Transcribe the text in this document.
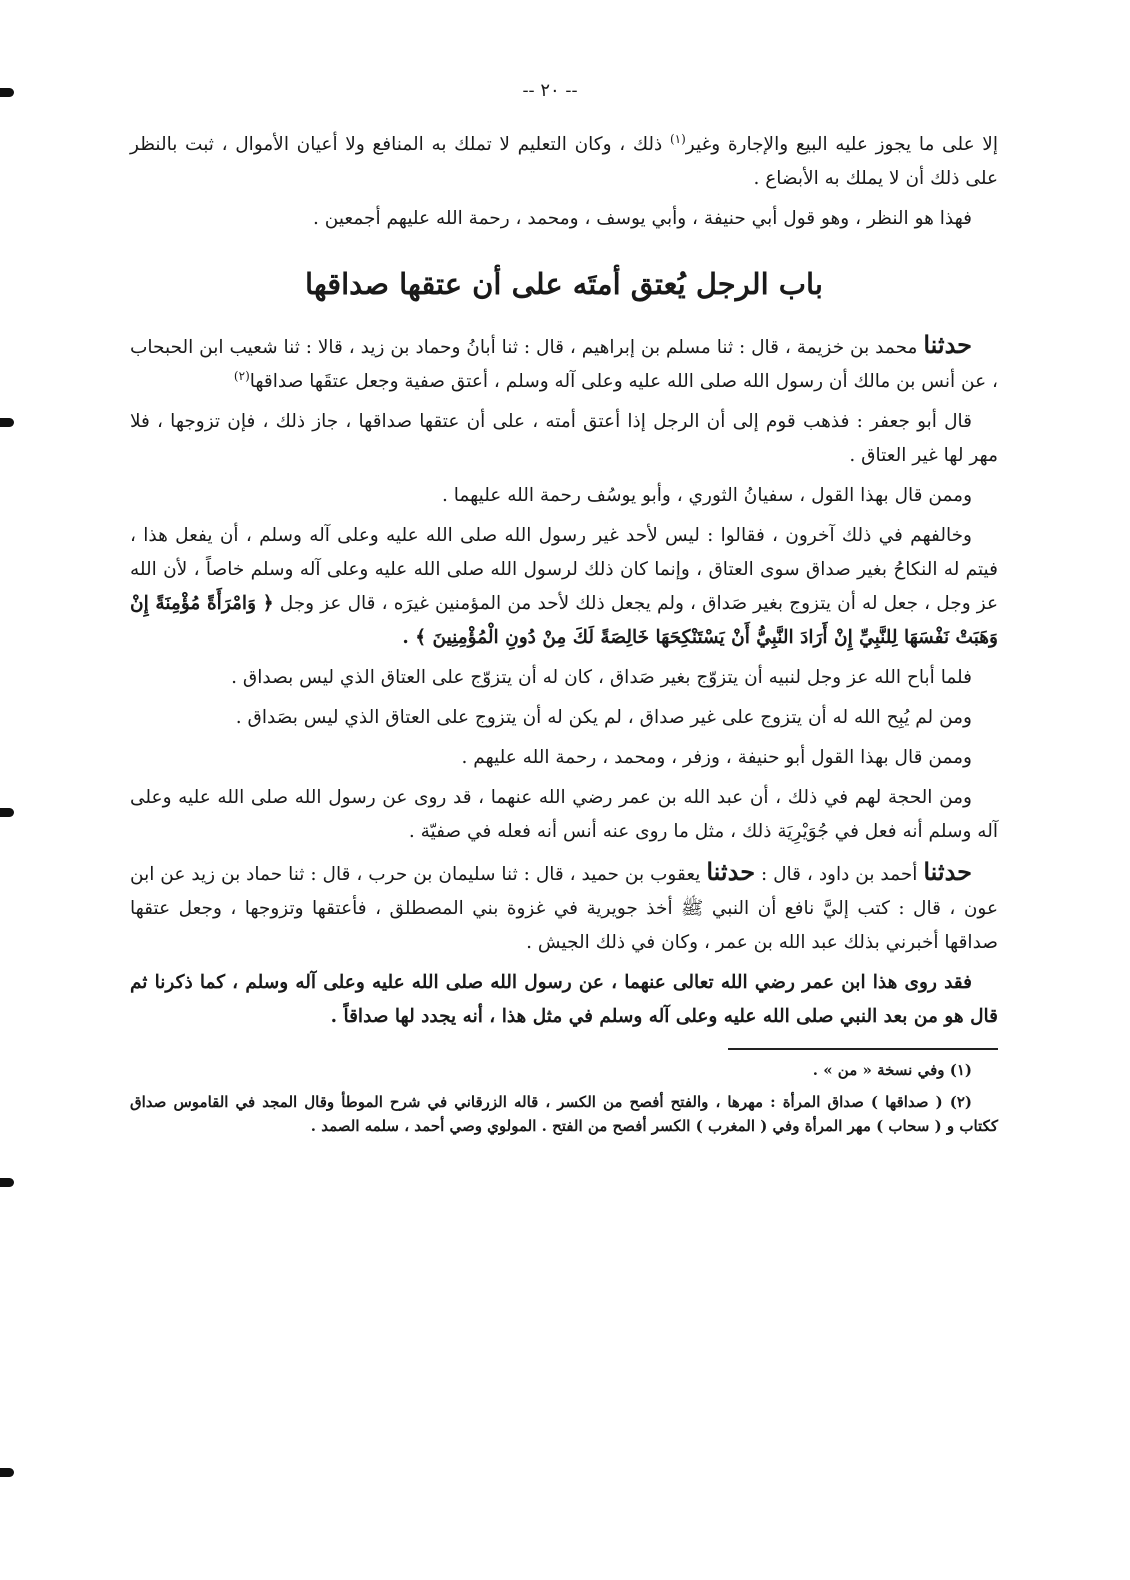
-- ٢٠ --

إلا على ما يجوز عليه البيع والإجارة وغير$^{(١)}$ ذلك ، وكان التعليم لا تملك به المنافع ولا أعيان الأموال ، ثبت بالنظر على ذلك أن لا يملك به الأبضاع .

فهذا هو النظر ، وهو قول أبي حنيفة ، وأبي يوسف ، ومحمد ، رحمة الله عليهم أجمعين .

باب الرجل يُعتق أمتَه على أن عتقها صداقها

حدثنا محمد بن خزيمة ، قال : ثنا مسلم بن إبراهيم ، قال : ثنا أبانُ وحماد بن زيد ، قالا : ثنا شعيب ابن الحبحاب ، عن أنس بن مالك أن رسول الله صلى الله عليه وعلى آله وسلم ، أعتق صفية وجعل عتقَها صداقها$^{(٢)}$

قال أبو جعفر : فذهب قوم إلى أن الرجل إذا أعتق أمته ، على أن عتقها صداقها ، جاز ذلك ، فإن تزوجها ، فلا مهر لها غير العتاق .

وممن قال بهذا القول ، سفيانُ الثوري ، وأبو يوسُف رحمة الله عليهما .

وخالفهم في ذلك آخرون ، فقالوا : ليس لأحد غير رسول الله صلى الله عليه وعلى آله وسلم ، أن يفعل هذا ، فيتم له النكاحُ بغير صداق سوى العتاق ، وإنما كان ذلك لرسول الله صلى الله عليه وعلى آله وسلم خاصاً ، لأن الله عز وجل ، جعل له أن يتزوج بغير صَداق ، ولم يجعل ذلك لأحد من المؤمنين غيرَه ، قال عز وجل ﴿ وَامْرَأَةً مُؤْمِنَةً إِنْ وَهَبَتْ نَفْسَهَا لِلنَّبِيِّ إِنْ أَرَادَ النَّبِيُّ أَنْ يَسْتَنْكِحَهَا خَالِصَةً لَكَ مِنْ دُونِ الْمُؤْمِنِينَ ﴾ .

فلما أباح الله عز وجل لنبيه أن يتزوّج بغير صَداق ، كان له أن يتزوّج على العتاق الذي ليس بصداق .

ومن لم يُبِح الله له أن يتزوج على غير صداق ، لم يكن له أن يتزوج على العتاق الذي ليس بصَداق .

وممن قال بهذا القول أبو حنيفة ، وزفر ، ومحمد ، رحمة الله عليهم .

ومن الحجة لهم في ذلك ، أن عبد الله بن عمر رضي الله عنهما ، قد روى عن رسول الله صلى الله عليه وعلى آله وسلم أنه فعل في جُوَيْرِيَة ذلك ، مثل ما روى عنه أنس أنه فعله في صفيّة .

حدثنا أحمد بن داود ، قال : حدثنا يعقوب بن حميد ، قال : ثنا سليمان بن حرب ، قال : ثنا حماد بن زيد عن ابن عون ، قال : كتب إليَّ نافع أن النبي ﷺ أخذ جويرية في غزوة بني المصطلق ، فأعتقها وتزوجها ، وجعل عتقها صداقها أخبرني بذلك عبد الله بن عمر ، وكان في ذلك الجيش .

فقد روى هذا ابن عمر رضي الله تعالى عنهما ، عن رسول الله صلى الله عليه وعلى آله وسلم ، كما ذكرنا ثم قال هو من بعد النبي صلى الله عليه وعلى آله وسلم في مثل هذا ، أنه يجدد لها صداقاً .

(١) وفي نسخة « من » .

(٢) ( صداقها ) صداق المرأة : مهرها ، والفتح أفصح من الكسر ، قاله الزرقاني في شرح الموطأ وقال المجد في القاموس صداق ككتاب و ( سحاب ) مهر المرأة وفي ( المغرب ) الكسر أفصح من الفتح . المولوي وصي أحمد ، سلمه الصمد .
